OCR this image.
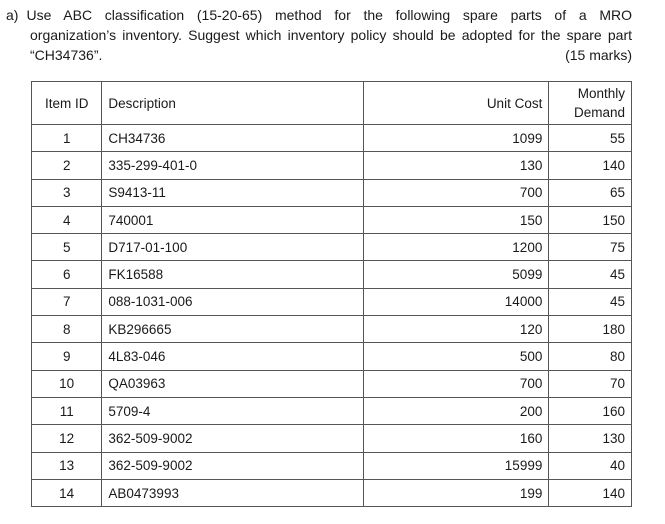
a) Use ABC classification (15-20-65) method for the following spare parts of a MRO
organization’s inventory. Suggest which inventory policy should be adopted for the spare part
“CH34736”.	(15 marks)
Item ID	Description	Unit Cost	Monthly
Demand
1	CH34736	1099	55
2	335-299-401-0	130	140
3	S9413-11	700	65
4	740001	150	150
5	D717-01-100	1200	75
6	FK16588	5099	45
7	088-1031-006	14000	45
8	KB296665	120	180
9	4L83-046	500	80
10	QA03963	700	70
11	5709-4	200	160
12	362-509-9002	160	130
13	362-509-9002	15999	40
14	AB0473993	199	140
